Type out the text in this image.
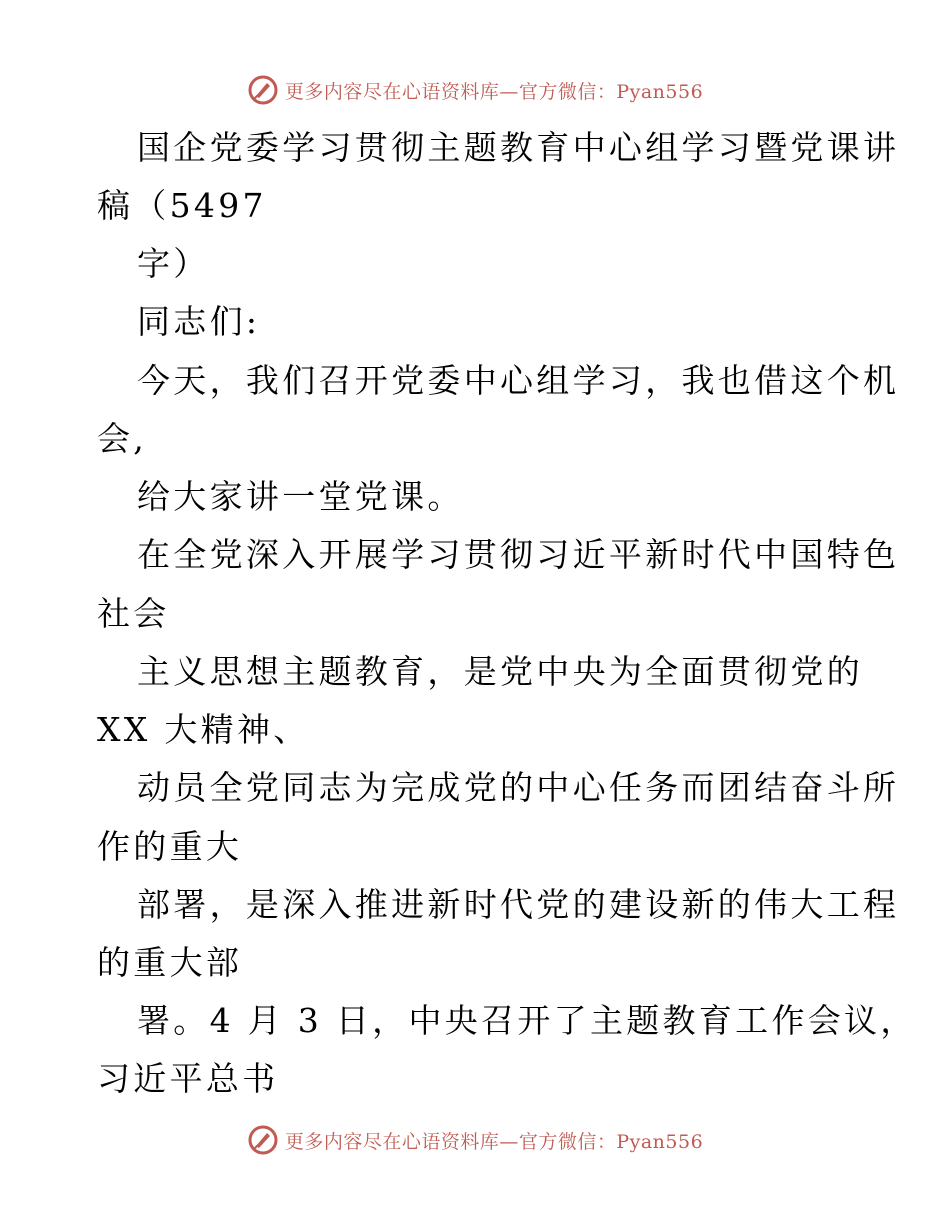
更多内容尽在心语资料库—官方微信：Pyan556
国企党委学习贯彻主题教育中心组学习暨党课讲
稿（5497
字）
同志们:
今天，我们召开党委中心组学习，我也借这个机
会,
给大家讲一堂党课。
在全党深入开展学习贯彻习近平新时代中国特色
社会
主义思想主题教育，是党中央为全面贯彻党的
XX 大精神、
动员全党同志为完成党的中心任务而团结奋斗所
作的重大
部署，是深入推进新时代党的建设新的伟大工程
的重大部
署。4 月 3 日，中央召开了主题教育工作会议，
习近平总书
更多内容尽在心语资料库—官方微信：Pyan556
